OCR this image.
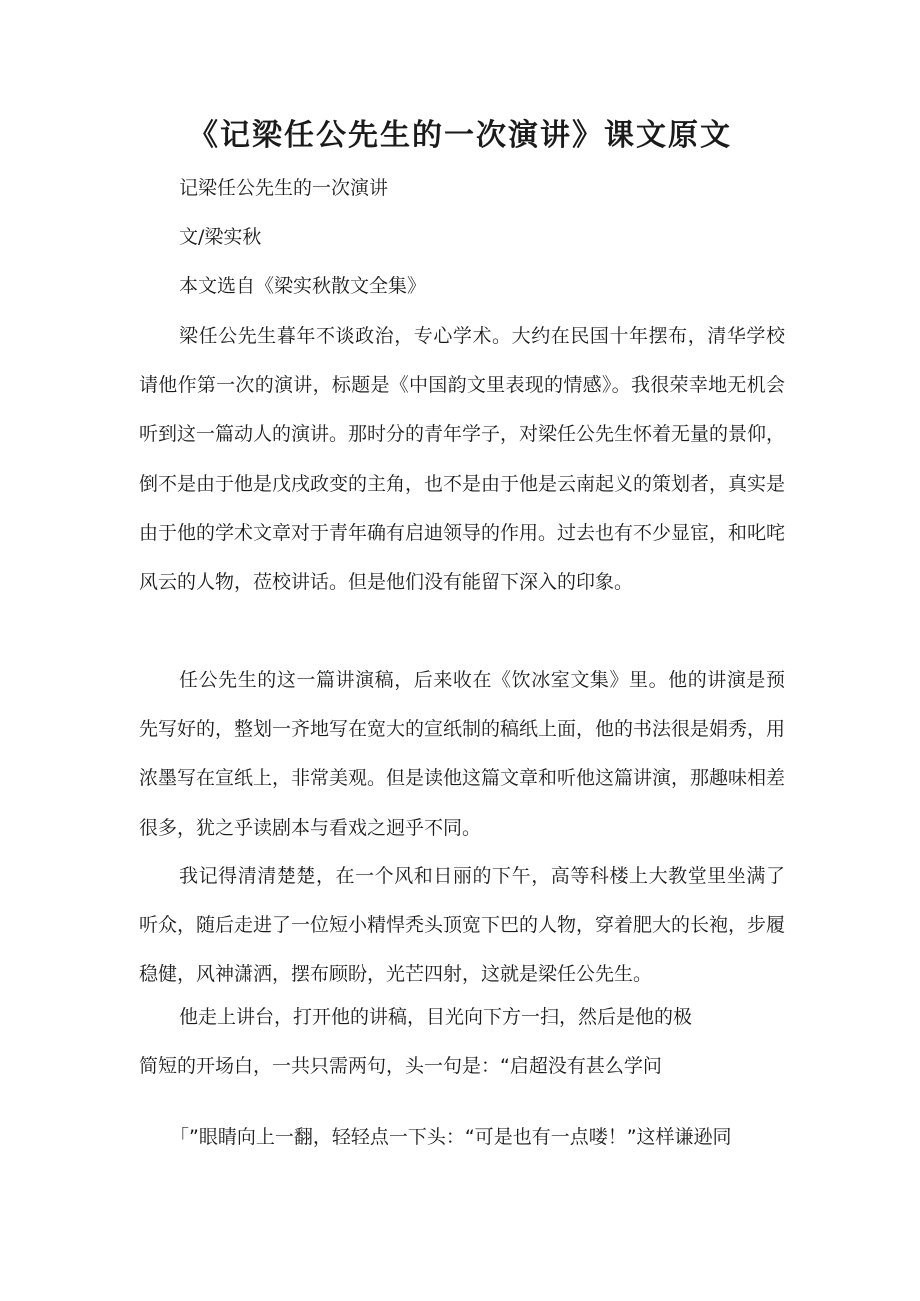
《记梁任公先生的一次演讲》课文原文
记梁任公先生的一次演讲
文/梁实秋
本文选自《梁实秋散文全集》
梁任公先生暮年不谈政治，专心学术。大约在民国十年摆布，清华学校请他作第一次的演讲，标题是《中国韵文里表现的情感》。我很荣幸地无机会听到这一篇动人的演讲。那时分的青年学子，对梁任公先生怀着无量的景仰，倒不是由于他是戊戌政变的主角，也不是由于他是云南起义的策划者，真实是由于他的学术文章对于青年确有启迪领导的作用。过去也有不少显宦，和叱咤风云的人物，莅校讲话。但是他们没有能留下深入的印象。
任公先生的这一篇讲演稿，后来收在《饮冰室文集》里。他的讲演是预先写好的，整划一齐地写在宽大的宣纸制的稿纸上面，他的书法很是娟秀，用浓墨写在宣纸上，非常美观。但是读他这篇文章和听他这篇讲演，那趣味相差很多，犹之乎读剧本与看戏之迥乎不同。
我记得清清楚楚，在一个风和日丽的下午，高等科楼上大教堂里坐满了听众，随后走进了一位短小精悍秃头顶宽下巴的人物，穿着肥大的长袍，步履稳健，风神潇洒，摆布顾盼，光芒四射，这就是梁任公先生。
他走上讲台，打开他的讲稿，目光向下方一扫，然后是他的极
简短的开场白，一共只需两句，头一句是：“启超没有甚么学问
「”眼睛向上一翻，轻轻点一下头：“可是也有一点喽！”这样谦逊同
